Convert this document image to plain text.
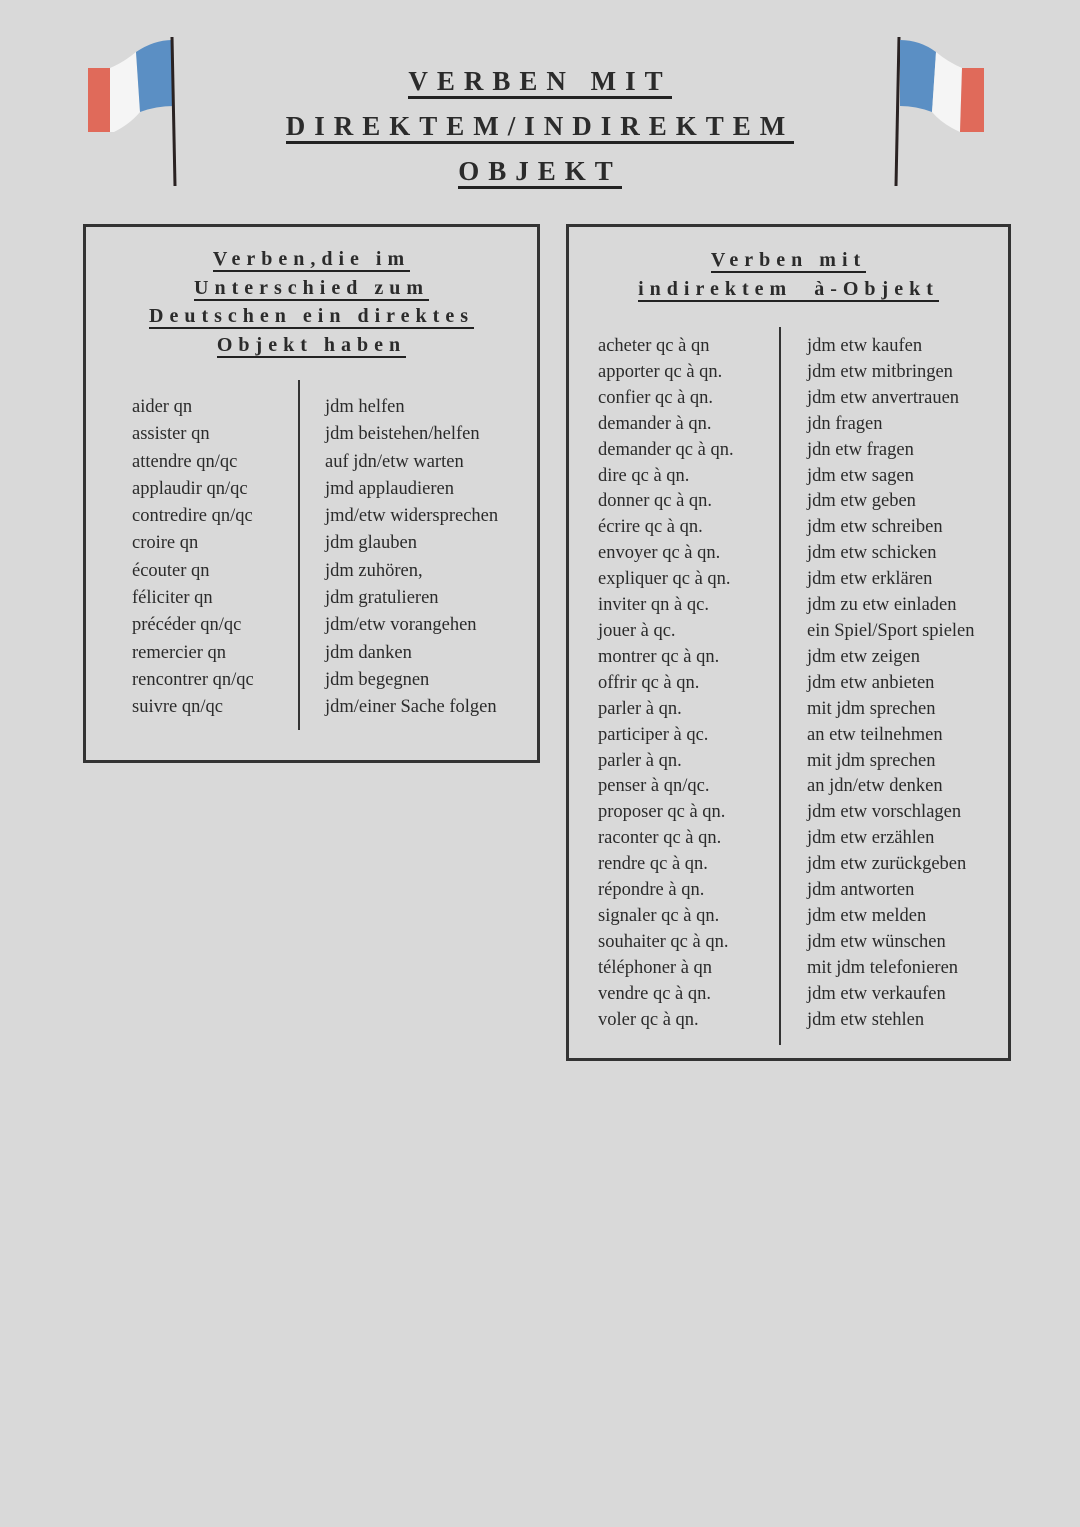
VERBEN MIT
DIREKTEM/INDIREKTEM
OBJEKT
Verben,die im
Unterschied zum
Deutschen ein direktes
Objekt haben
aider qn
assister qn
attendre qn/qc
applaudir qn/qc
contredire qn/qc
croire qn
écouter qn
féliciter qn
précéder qn/qc
remercier qn
rencontrer qn/qc
suivre qn/qc
jdm helfen
jdm beistehen/helfen
auf jdn/etw warten
jmd applaudieren
jmd/etw widersprechen
jdm glauben
jdm zuhören,
jdm gratulieren
jdm/etw vorangehen
jdm danken
jdm begegnen
jdm/einer Sache folgen
Verben mit
indirektem  à-Objekt
acheter qc à qn
apporter qc à qn.
confier qc à qn.
demander à qn.
demander qc à qn.
dire qc à qn.
donner qc à qn.
écrire qc à qn.
envoyer qc à qn.
expliquer qc à qn.
inviter qn à qc.
jouer à qc.
montrer qc à qn.
offrir qc à qn.
parler à qn.
participer à qc.
parler à qn.
penser à qn/qc.
proposer qc à qn.
raconter qc à qn.
rendre qc à qn.
répondre à qn.
signaler qc à qn.
souhaiter qc à qn.
téléphoner à qn
vendre qc à qn.
voler qc à qn.
jdm etw kaufen
jdm etw mitbringen
jdm etw anvertrauen
jdn fragen
jdn etw fragen
jdm etw sagen
jdm etw geben
jdm etw schreiben
jdm etw schicken
jdm etw erklären
jdm zu etw einladen
ein Spiel/Sport spielen
jdm etw zeigen
jdm etw anbieten
mit jdm sprechen
an etw teilnehmen
mit jdm sprechen
an jdn/etw denken
jdm etw vorschlagen
jdm etw erzählen
jdm etw zurückgeben
jdm antworten
jdm etw melden
jdm etw wünschen
mit jdm telefonieren
jdm etw verkaufen
jdm etw stehlen
